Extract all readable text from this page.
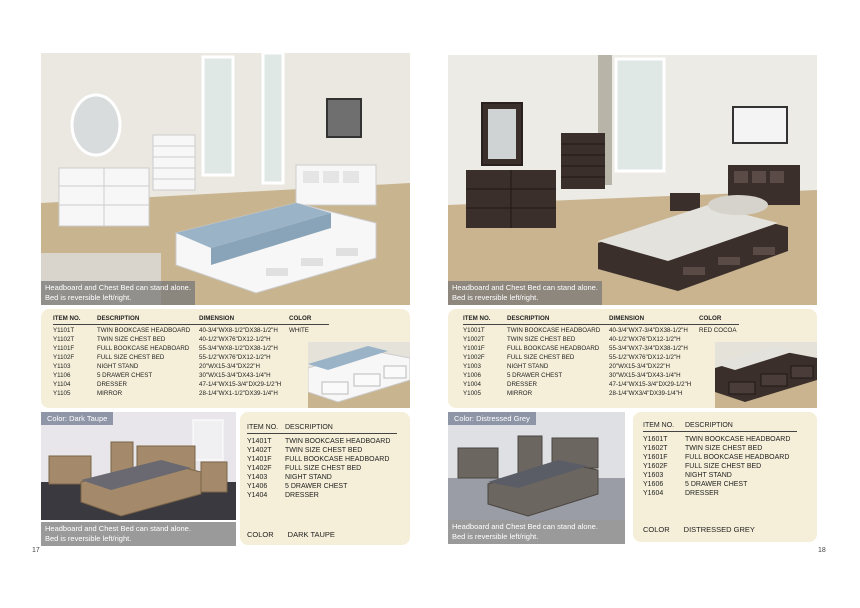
Headboard and Chest Bed can stand alone.
Bed is reversible left/right.
ITEM NO.	DESCRIPTION	DIMENSION	COLOR
Y1101T	TWIN BOOKCASE HEADBOARD	40-3/4"WX8-1/2"DX38-1/2"H	WHITE
Y1102T	TWIN SIZE CHEST BED	40-1/2"WX76"DX12-1/2"H
Y1101F	FULL BOOKCASE HEADBOARD	55-3/4"WX8-1/2"DX38-1/2"H
Y1102F	FULL SIZE CHEST BED	55-1/2"WX76"DX12-1/2"H
Y1103	NIGHT STAND	20"WX15-3/4"DX22"H
Y1106	5 DRAWER CHEST	30"WX15-3/4"DX43-1/4"H
Y1104	DRESSER	47-1/4"WX15-3/4"DX29-1/2"H
Y1105	MIRROR	28-1/4"WX1-1/2"DX39-1/4"H
Color: Dark Taupe
Headboard and Chest Bed can stand alone.
Bed is reversible left/right.
ITEM NO. DESCRIPTION
Y1401T	TWIN BOOKCASE HEADBOARD
Y1402T	TWIN SIZE CHEST BED
Y1401F	FULL BOOKCASE HEADBOARD
Y1402F	FULL SIZE CHEST BED
Y1403	NIGHT STAND
Y1406	5 DRAWER CHEST
Y1404	DRESSER
COLOR DARK TAUPE
17
Headboard and Chest Bed can stand alone.
Bed is reversible left/right.
ITEM NO.	DESCRIPTION	DIMENSION	COLOR
Y1001T	TWIN BOOKCASE HEADBOARD	40-3/4"WX7-3/4"DX38-1/2"H	RED COCOA
Y1002T	TWIN SIZE CHEST BED	40-1/2"WX76"DX12-1/2"H
Y1001F	FULL BOOKCASE HEADBOARD	55-3/4"WX7-3/4"DX38-1/2"H
Y1002F	FULL SIZE CHEST BED	55-1/2"WX76"DX12-1/2"H
Y1003	NIGHT STAND	20"WX15-3/4"DX22"H
Y1006	5 DRAWER CHEST	30"WX15-3/4"DX43-1/4"H
Y1004	DRESSER	47-1/4"WX15-3/4"DX29-1/2"H
Y1005	MIRROR	28-1/4"WX3/4"DX39-1/4"H
Color: Distressed Grey
Headboard and Chest Bed can stand alone.
Bed is reversible left/right.
ITEM NO.	DESCRIPTION
Y1601T	TWIN BOOKCASE HEADBOARD
Y1602T	TWIN SIZE CHEST BED
Y1601F	FULL BOOKCASE HEADBOARD
Y1602F	FULL SIZE CHEST BED
Y1603	NIGHT STAND
Y1606	5 DRAWER CHEST
Y1604	DRESSER
COLOR DISTRESSED GREY
18
